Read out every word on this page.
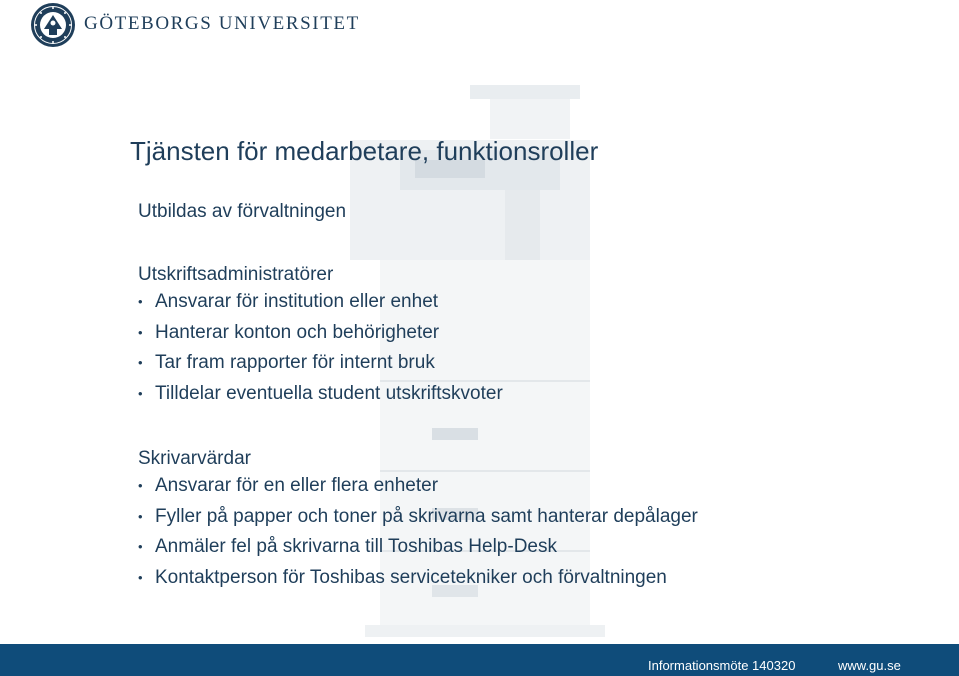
GÖTEBORGS UNIVERSITET
Tjänsten för medarbetare, funktionsroller

Utbildas av förvaltningen

Utskriftsadministratörer

• Ansvarar för institution eller enhet
• Hanterar konton och behörigheter
• Tar fram rapporter för internt bruk
• Tilldelar eventuella student utskriftskvoter

Skrivarvärdar

• Ansvarar för en eller flera enheter
• Fyller på papper och toner på skrivarna samt hanterar depålager
• Anmäler fel på skrivarna till Toshibas Help-Desk
• Kontaktperson för Toshibas servicetekniker och förvaltningen
Informationsmöte 140320	www.gu.se
